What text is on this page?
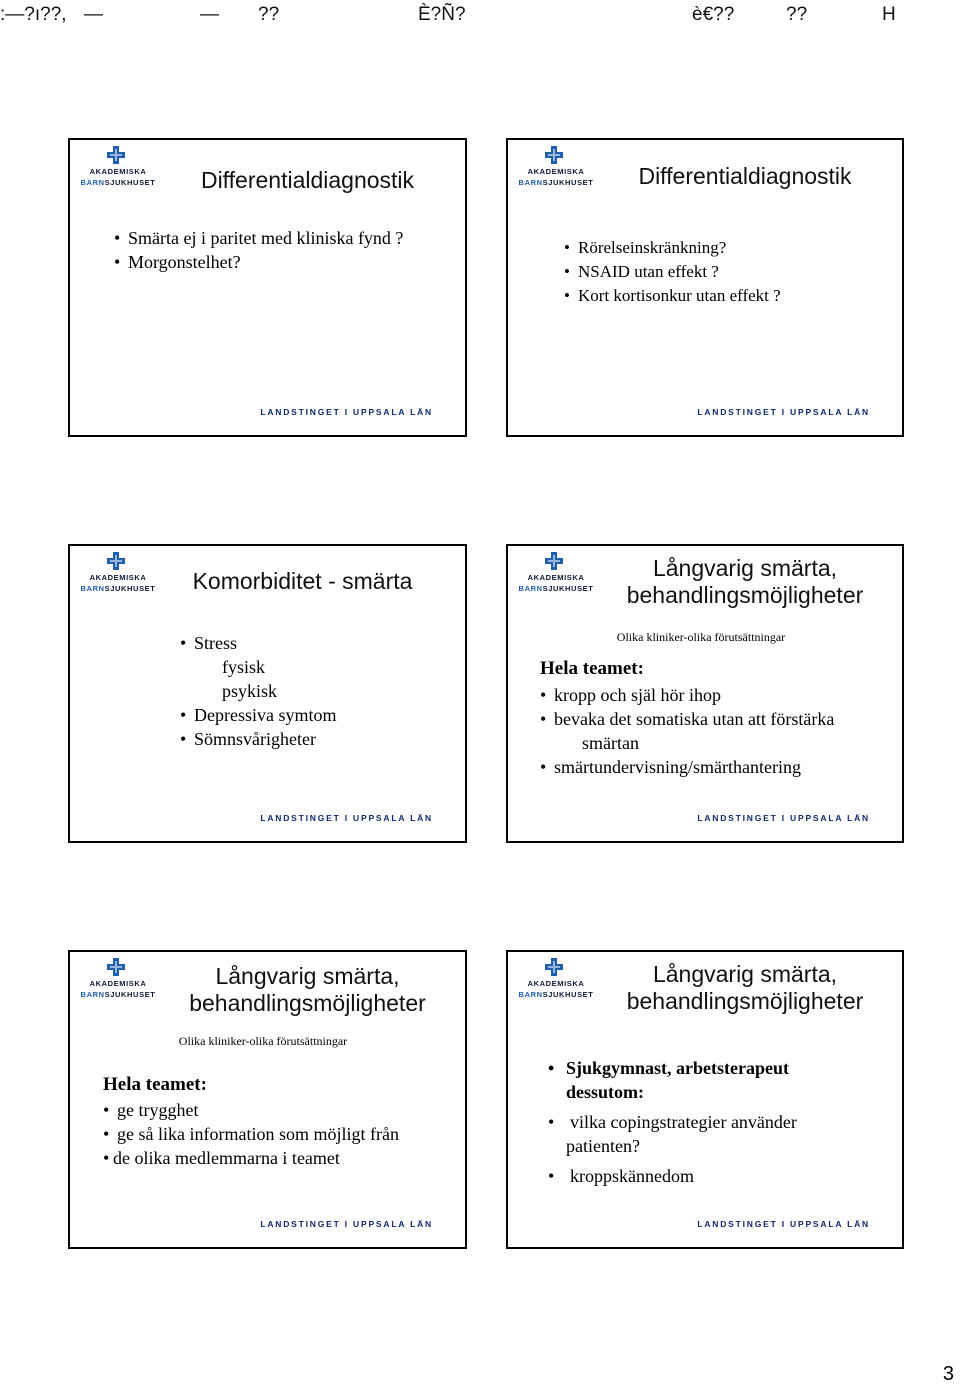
:—?ı??, —	— ??	È?Ñ?	è€??	??	H
AKADEMISKA
BARNSJUKHUSET	Differentialdiagnostik
• Smärta ej i paritet med kliniska fynd ?
• Morgonstelhet?
LANDSTINGET I UPPSALA LÄN
AKADEMISKA
BARNSJUKHUSET	Differentialdiagnostik
• Rörelseinskränkning?
• NSAID utan effekt ?
• Kort kortisonkur utan effekt ?
LANDSTINGET I UPPSALA LÄN
AKADEMISKA
BARNSJUKHUSET	Komorbiditet - smärta
• Stress
fysisk
psykisk
• Depressiva symtom
• Sömnsvårigheter
LANDSTINGET I UPPSALA LÄN
AKADEMISKA
BARNSJUKHUSET
Långvarig smärta,
behandlingsmöjligheter
Olika kliniker-olika förutsättningar
Hela teamet:
• kropp och själ hör ihop
• bevaka det somatiska utan att förstärka
smärtan
• smärtundervisning/smärthantering
LANDSTINGET I UPPSALA LÄN
AKADEMISKA
BARNSJUKHUSET
Långvarig smärta,
behandlingsmöjligheter
Olika kliniker-olika förutsättningar
Hela teamet:
• ge trygghet
• ge så lika information som möjligt från
• de olika medlemmarna i teamet
LANDSTINGET I UPPSALA LÄN
AKADEMISKA
BARNSJUKHUSET
Långvarig smärta,
behandlingsmöjligheter
• Sjukgymnast, arbetsterapeut
dessutom:
• vilka copingstrategier använder
patienten?
• kroppskännedom
LANDSTINGET I UPPSALA LÄN
3
